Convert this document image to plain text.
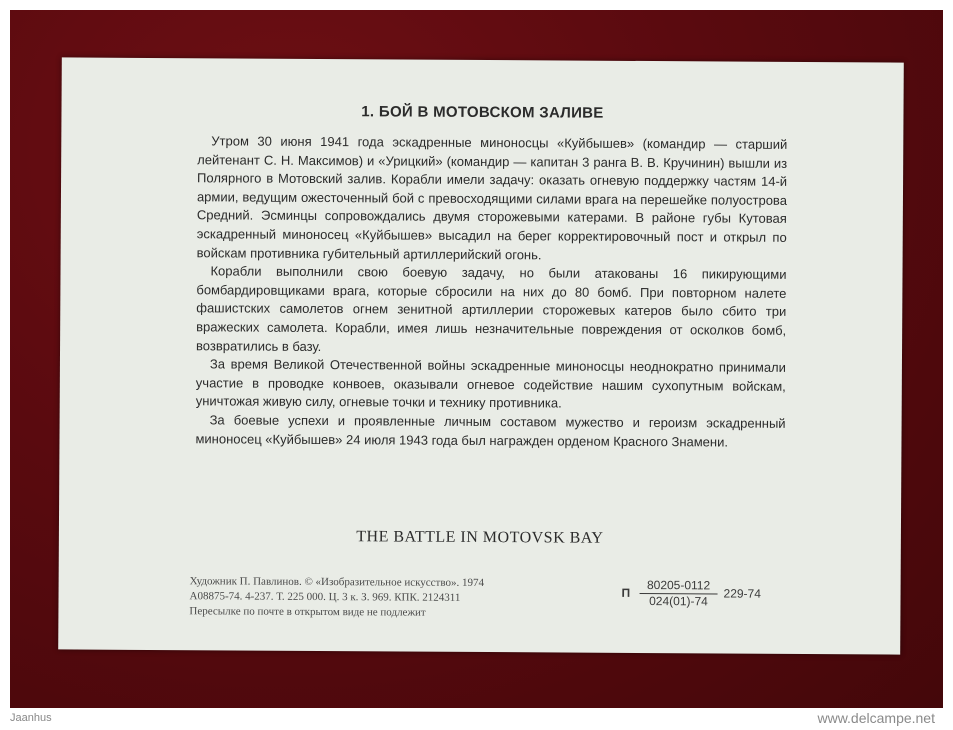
1. БОЙ В МОТОВСКОМ ЗАЛИВЕ

Утром 30 июня 1941 года эскадренные миноносцы «Куйбышев» (командир — старший лейтенант С. Н. Максимов) и «Урицкий» (командир — капитан 3 ранга В. В. Кручинин) вышли из Полярного в Мотовский залив. Корабли имели задачу: оказать огневую поддержку частям 14-й армии, ведущим ожесточенный бой с превосходящими силами врага на перешейке полуострова Средний. Эсминцы сопровождались двумя сторожевыми катерами. В районе губы Кутовая эскадренный миноносец «Куйбышев» высадил на берег корректировочный пост и открыл по войскам противника губительный артиллерийский огонь.

Корабли выполнили свою боевую задачу, но были атакованы 16 пикирующими бомбардировщиками врага, которые сбросили на них до 80 бомб. При повторном налете фашистских самолетов огнем зенитной артиллерии сторожевых катеров было сбито три вражеских самолета. Корабли, имея лишь незначительные повреждения от осколков бомб, возвратились в базу.

За время Великой Отечественной войны эскадренные миноносцы неоднократно принимали участие в проводке конвоев, оказывали огневое содействие нашим сухопутным войскам, уничтожая живую силу, огневые точки и технику противника.

За боевые успехи и проявленные личным составом мужество и героизм эскадренный миноносец «Куйбышев» 24 июля 1943 года был награжден орденом Красного Знамени.

THE BATTLE IN MOTOVSK BAY
Художник П. Павлинов. © «Изобразительное искусство». 1974
А08875-74. 4-237. Т. 225 000. Ц. 3 к. З. 969. КПК. 2124311
Пересылке по почте в открытом виде не подлежит
П $\frac{80205-0112}{024(01)-74} 229-74$
Jaanhus	www.delcampe.net
